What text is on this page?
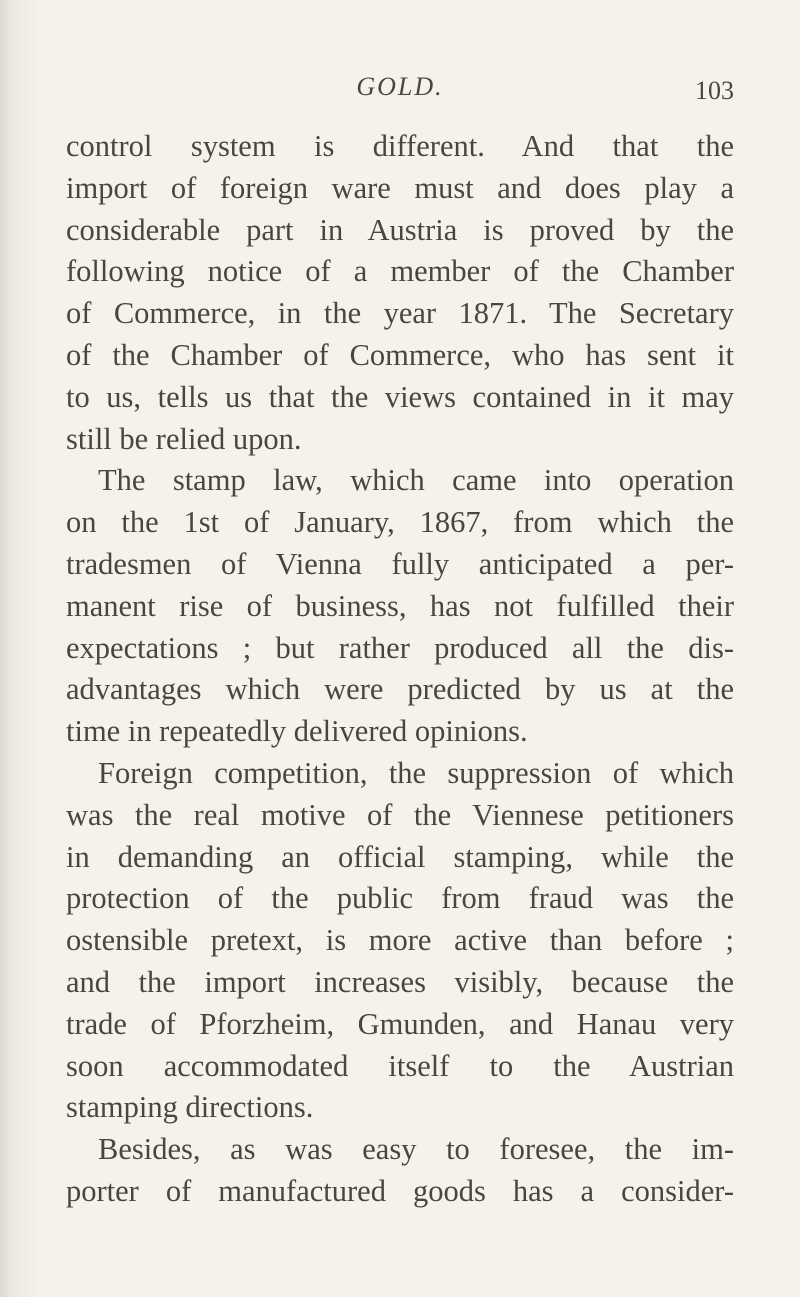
GOLD.	103
control system is different. And that the
import of foreign ware must and does play a
considerable part in Austria is proved by the
following notice of a member of the Chamber
of Commerce, in the year 1871. The Secretary
of the Chamber of Commerce, who has sent it
to us, tells us that the views contained in it may
still be relied upon.
The stamp law, which came into operation
on the 1st of January, 1867, from which the
tradesmen of Vienna fully anticipated a per-
manent rise of business, has not fulfilled their
expectations ; but rather produced all the dis-
advantages which were predicted by us at the
time in repeatedly delivered opinions.
Foreign competition, the suppression of which
was the real motive of the Viennese petitioners
in demanding an official stamping, while the
protection of the public from fraud was the
ostensible pretext, is more active than before ;
and the import increases visibly, because the
trade of Pforzheim, Gmunden, and Hanau very
soon accommodated itself to the Austrian
stamping directions.
Besides, as was easy to foresee, the im-
porter of manufactured goods has a consider-
